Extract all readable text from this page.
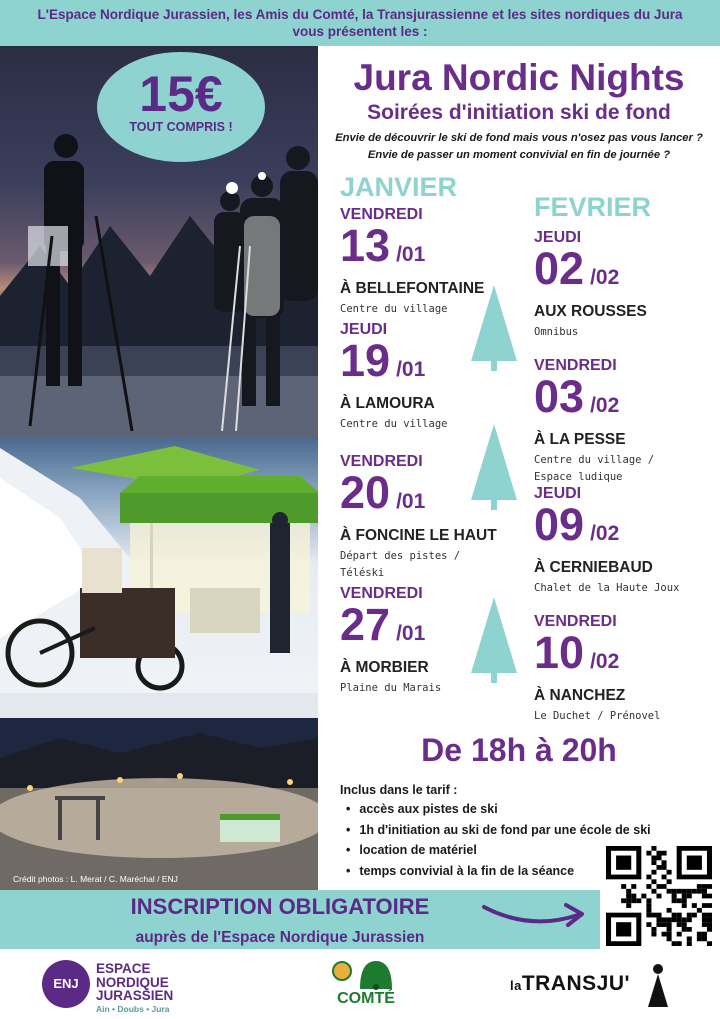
L'Espace Nordique Jurassien, les Amis du Comté, la Transjurassienne et les sites nordiques du Jura
vous présentent les :
15€
TOUT COMPRIS !
Crédit photos : L. Merat / C. Maréchal / ENJ
Jura Nordic Nights
Soirées d'initiation ski de fond
Envie de découvrir le ski de fond mais vous n'osez pas vous lancer ?
Envie de passer un moment convivial en fin de journée ?
JANVIER
FEVRIER
VENDREDI
13 /01
À BELLEFONTAINE
Centre du village
JEUDI
19 /01
À LAMOURA
Centre du village
VENDREDI
20 /01
À FONCINE LE HAUT
Départ des pistes /
Téléski
VENDREDI
27 /01
À MORBIER
Plaine du Marais
JEUDI
02 /02
AUX ROUSSES
Omnibus
VENDREDI
03 /02
À LA PESSE
Centre du village /
Espace ludique
JEUDI
09 /02
À CERNIEBAUD
Chalet de la Haute Joux
VENDREDI
10 /02
À NANCHEZ
Le Duchet / Prénovel
De 18h à 20h
Inclus dans le tarif :
• accès aux pistes de ski
• 1h d'initiation au ski de fond par une école de ski
• location de matériel
• temps convivial à la fin de la séance
INSCRIPTION OBLIGATOIRE
auprès de l'Espace Nordique Jurassien
ENJ
ESPACE
NORDIQUE
JURASSIEN
Ain • Doubs • Jura
COMTÉ
laTRANSJU'
